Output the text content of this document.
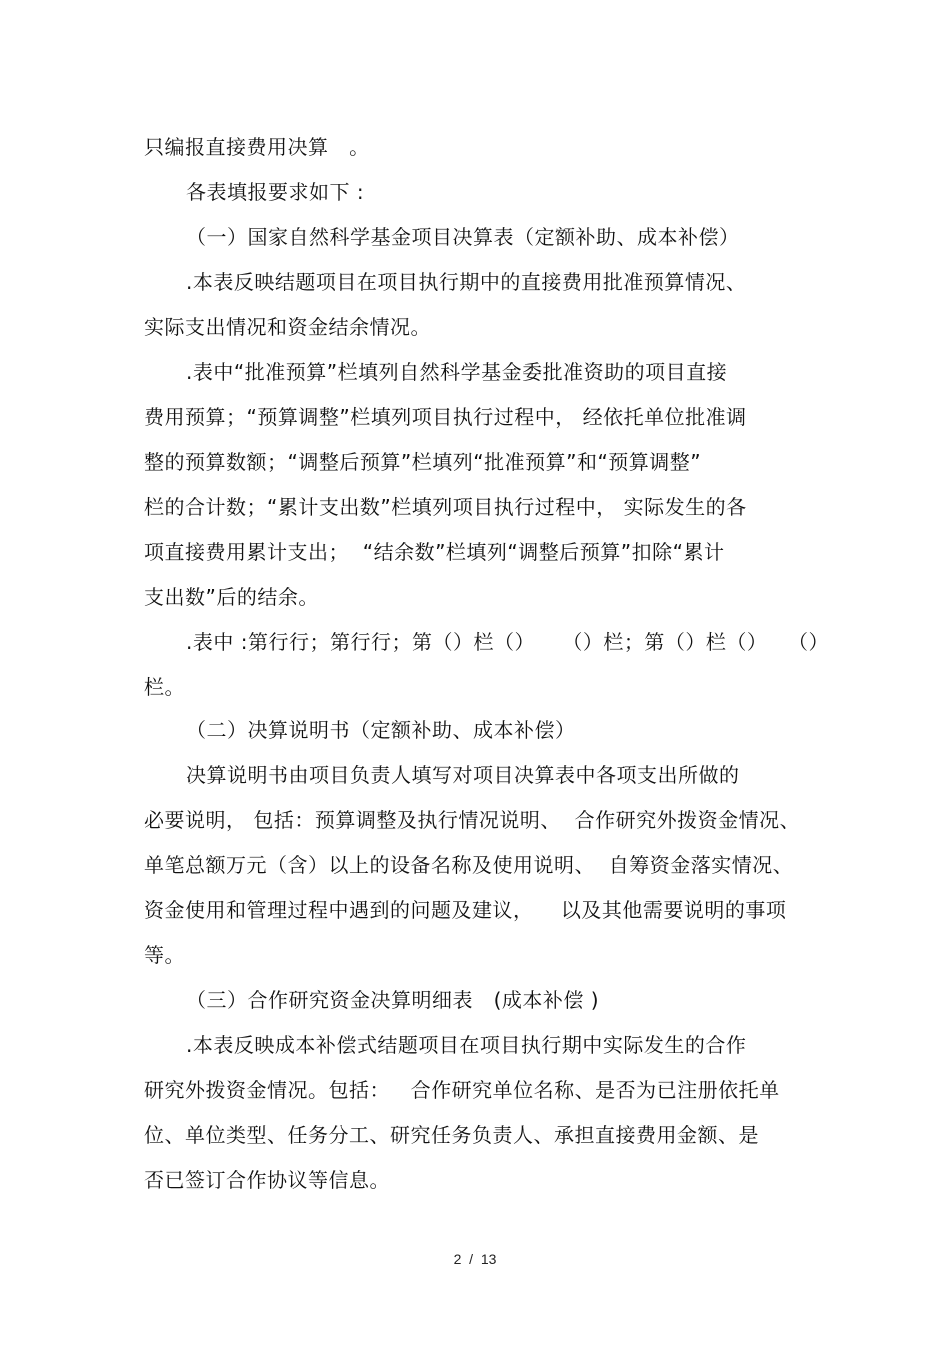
只编报直接费用决算   。
各表填报要求如下 :
（一）国家自然科学基金项目决算表（定额补助、成本补偿）
.本表反映结题项目在项目执行期中的直接费用批准预算情况、
实际支出情况和资金结余情况。
.表中“批准预算”栏填列自然科学基金委批准资助的项目直接
费用预算；“预算调整”栏填列项目执行过程中， 经依托单位批准调
整的预算数额；“调整后预算”栏填列“批准预算”和“预算调整”
栏的合计数；“累计支出数”栏填列项目执行过程中， 实际发生的各
项直接费用累计支出；  “结余数”栏填列“调整后预算”扣除“累计
支出数”后的结余。
.表中 :第行行；第行行；第（）栏（）    （）栏；第（）栏（）   （）
栏。
（二）决算说明书（定额补助、成本补偿）
决算说明书由项目负责人填写对项目决算表中各项支出所做的
必要说明， 包括：预算调整及执行情况说明、  合作研究外拨资金情况、
单笔总额万元（含）以上的设备名称及使用说明、  自筹资金落实情况、
资金使用和管理过程中遇到的问题及建议，    以及其他需要说明的事项
等。
（三）合作研究资金决算明细表   (成本补偿 )
.本表反映成本补偿式结题项目在项目执行期中实际发生的合作
研究外拨资金情况。包括：   合作研究单位名称、是否为已注册依托单
位、单位类型、任务分工、研究任务负责人、承担直接费用金额、是
否已签订合作协议等信息。
2  /  13
